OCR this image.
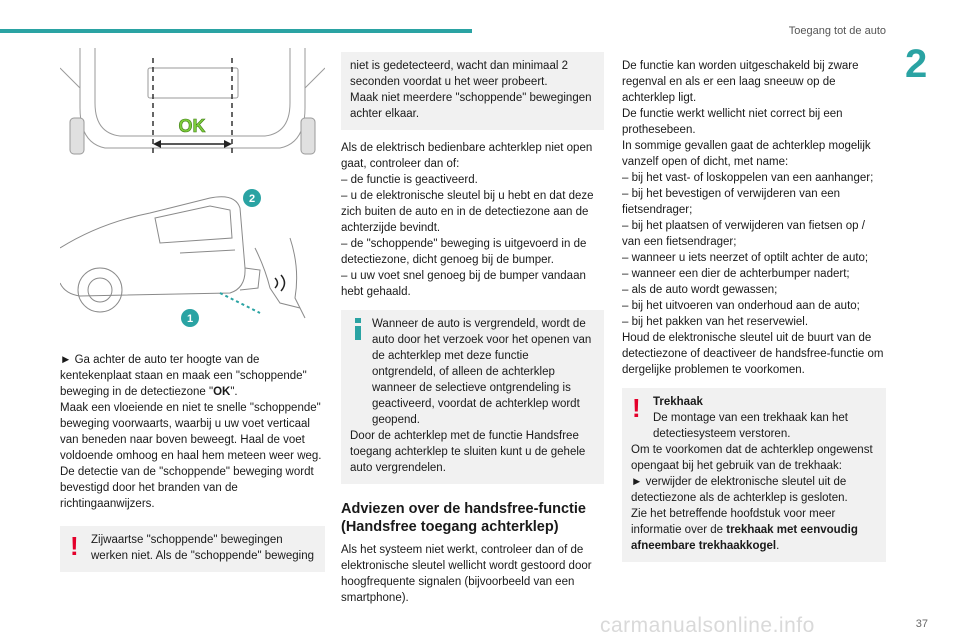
Toegang tot de auto
2
OK
2
1

► Ga achter de auto ter hoogte van de kentekenplaat staan en maak een "schoppende" beweging in de detectiezone "OK".

Maak een vloeiende en niet te snelle "schoppende" beweging voorwaarts, waarbij u uw voet verticaal van beneden naar boven beweegt. Haal de voet voldoende omhoog en haal hem meteen weer weg.

De detectie van de "schoppende" beweging wordt bevestigd door het branden van de richtingaanwijzers.

!	Zijwaartse "schoppende" bewegingen werken niet. Als de "schoppende" beweging

niet is gedetecteerd, wacht dan minimaal 2 seconden voordat u het weer probeert.

Maak niet meerdere "schoppende" bewegingen achter elkaar.

Als de elektrisch bedienbare achterklep niet open gaat, controleer dan of:

– de functie is geactiveerd.

– u de elektronische sleutel bij u hebt en dat deze zich buiten de auto en in de detectiezone aan de achterzijde bevindt.

– de "schoppende" beweging is uitgevoerd in de detectiezone, dicht genoeg bij de bumper.

– u uw voet snel genoeg bij de bumper vandaan hebt gehaald.

Wanneer de auto is vergrendeld, wordt de auto door het verzoek voor het openen van de achterklep met deze functie ontgrendeld, of alleen de achterklep wanneer de selectieve ontgrendeling is geactiveerd, voordat de achterklep wordt geopend.

Door de achterklep met de functie Handsfree toegang achterklep te sluiten kunt u de gehele auto vergrendelen.

Adviezen over de handsfree-functie (Handsfree toegang achterklep)

Als het systeem niet werkt, controleer dan of de elektronische sleutel wellicht wordt gestoord door hoogfrequente signalen (bijvoorbeeld van een smartphone).

De functie kan worden uitgeschakeld bij zware regenval en als er een laag sneeuw op de achterklep ligt.

De functie werkt wellicht niet correct bij een prothesebeen.

In sommige gevallen gaat de achterklep mogelijk vanzelf open of dicht, met name:

– bij het vast- of loskoppelen van een aanhanger;

– bij het bevestigen of verwijderen van een fietsendrager;

– bij het plaatsen of verwijderen van fietsen op / van een fietsendrager;

– wanneer u iets neerzet of optilt achter de auto;

– wanneer een dier de achterbumper nadert;

– als de auto wordt gewassen;

– bij het uitvoeren van onderhoud aan de auto;

– bij het pakken van het reservewiel.

Houd de elektronische sleutel uit de buurt van de detectiezone of deactiveer de handsfree-functie om dergelijke problemen te voorkomen.

!	Trekhaak

De montage van een trekhaak kan het detectiesysteem verstoren.

Om te voorkomen dat de achterklep ongewenst opengaat bij het gebruik van de trekhaak:

► verwijder de elektronische sleutel uit de detectiezone als de achterklep is gesloten.

Zie het betreffende hoofdstuk voor meer informatie over de trekhaak met eenvoudig afneembare trekhaakkogel.

carmanualsonline.info	37
